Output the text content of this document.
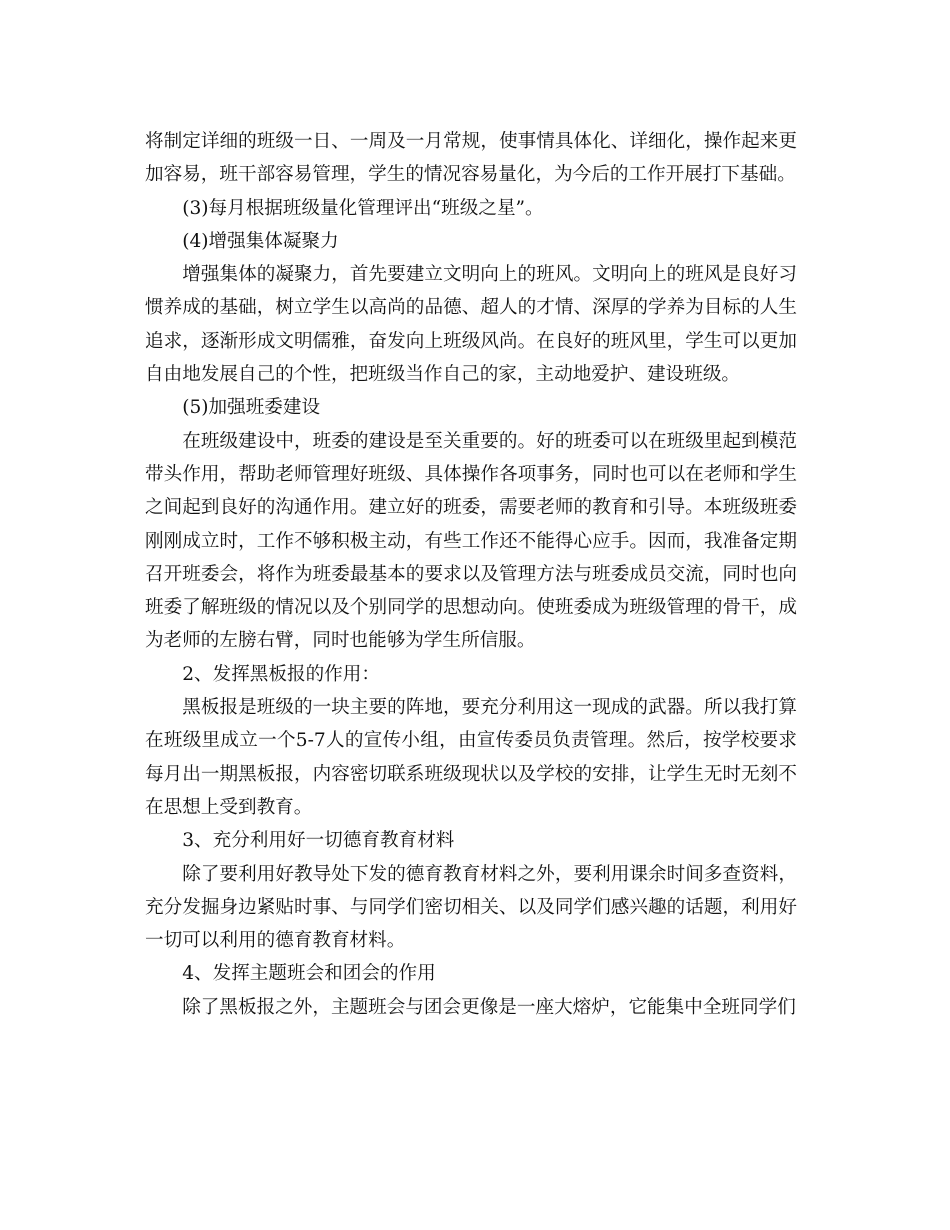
将制定详细的班级一日、一周及一月常规，使事情具体化、详细化，操作起来更加容易，班干部容易管理，学生的情况容易量化，为今后的工作开展打下基础。

(3)每月根据班级量化管理评出“班级之星”。

(4)增强集体凝聚力

增强集体的凝聚力，首先要建立文明向上的班风。文明向上的班风是良好习惯养成的基础，树立学生以高尚的品德、超人的才情、深厚的学养为目标的人生追求，逐渐形成文明儒雅，奋发向上班级风尚。在良好的班风里，学生可以更加自由地发展自己的个性，把班级当作自己的家，主动地爱护、建设班级。

(5)加强班委建设

在班级建设中，班委的建设是至关重要的。好的班委可以在班级里起到模范带头作用，帮助老师管理好班级、具体操作各项事务，同时也可以在老师和学生之间起到良好的沟通作用。建立好的班委，需要老师的教育和引导。本班级班委刚刚成立时，工作不够积极主动，有些工作还不能得心应手。因而，我准备定期召开班委会，将作为班委最基本的要求以及管理方法与班委成员交流，同时也向班委了解班级的情况以及个别同学的思想动向。使班委成为班级管理的骨干，成为老师的左膀右臂，同时也能够为学生所信服。

2、发挥黑板报的作用：

黑板报是班级的一块主要的阵地，要充分利用这一现成的武器。所以我打算在班级里成立一个5-7人的宣传小组，由宣传委员负责管理。然后，按学校要求每月出一期黑板报，内容密切联系班级现状以及学校的安排，让学生无时无刻不在思想上受到教育。

3、充分利用好一切德育教育材料

除了要利用好教导处下发的德育教育材料之外，要利用课余时间多查资料，充分发掘身边紧贴时事、与同学们密切相关、以及同学们感兴趣的话题，利用好一切可以利用的德育教育材料。

4、发挥主题班会和团会的作用

除了黑板报之外，主题班会与团会更像是一座大熔炉，它能集中全班同学们
